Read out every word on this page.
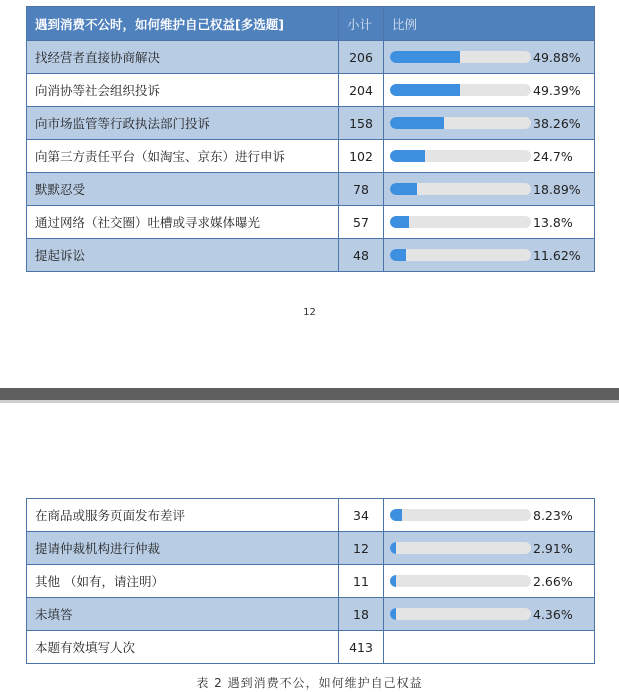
遇到消费不公时，如何维护自己权益[多选题]	小计	比例
找经营者直接协商解决	206	49.88%

向消协等社会组织投诉	204	49.39%

向市场监管等行政执法部门投诉	158	38.26%

向第三方责任平台（如淘宝、京东）进行申诉	102	24.7%

默默忍受	78	18.89%

通过网络（社交圈）吐槽或寻求媒体曝光	57	13.8%

提起诉讼	48	11.62%
12
在商品或服务页面发布差评	34	8.23%

提请仲裁机构进行仲裁	12	2.91%

其他 （如有，请注明）	11	2.66%

未填答	18	4.36%

本题有效填写人次	413	
表 2 遇到消费不公，如何维护自己权益
